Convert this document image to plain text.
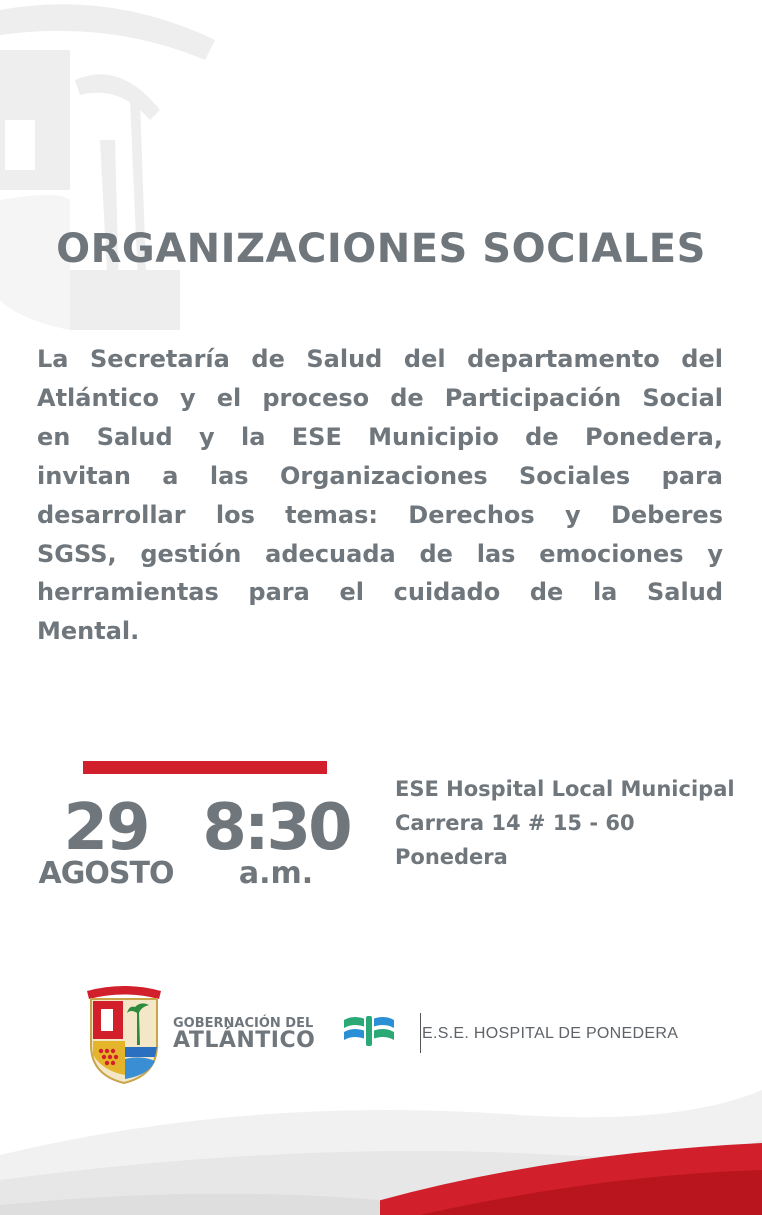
ORGANIZACIONES SOCIALES
La Secretaría de Salud del departamento del
Atlántico y el proceso de Participación Social
en Salud y la ESE Municipio de Ponedera,
invitan a las Organizaciones Sociales para
desarrollar los temas: Derechos y Deberes
SGSS, gestión adecuada de las emociones y
herramientas para el cuidado de la Salud
Mental.
29
AGOSTO
8:30
a.m.
ESE Hospital Local Municipal
Carrera 14 # 15 - 60
Ponedera
GOBERNACIÓN DEL
ATLÁNTICO	E.S.E. HOSPITAL DE PONEDERA
